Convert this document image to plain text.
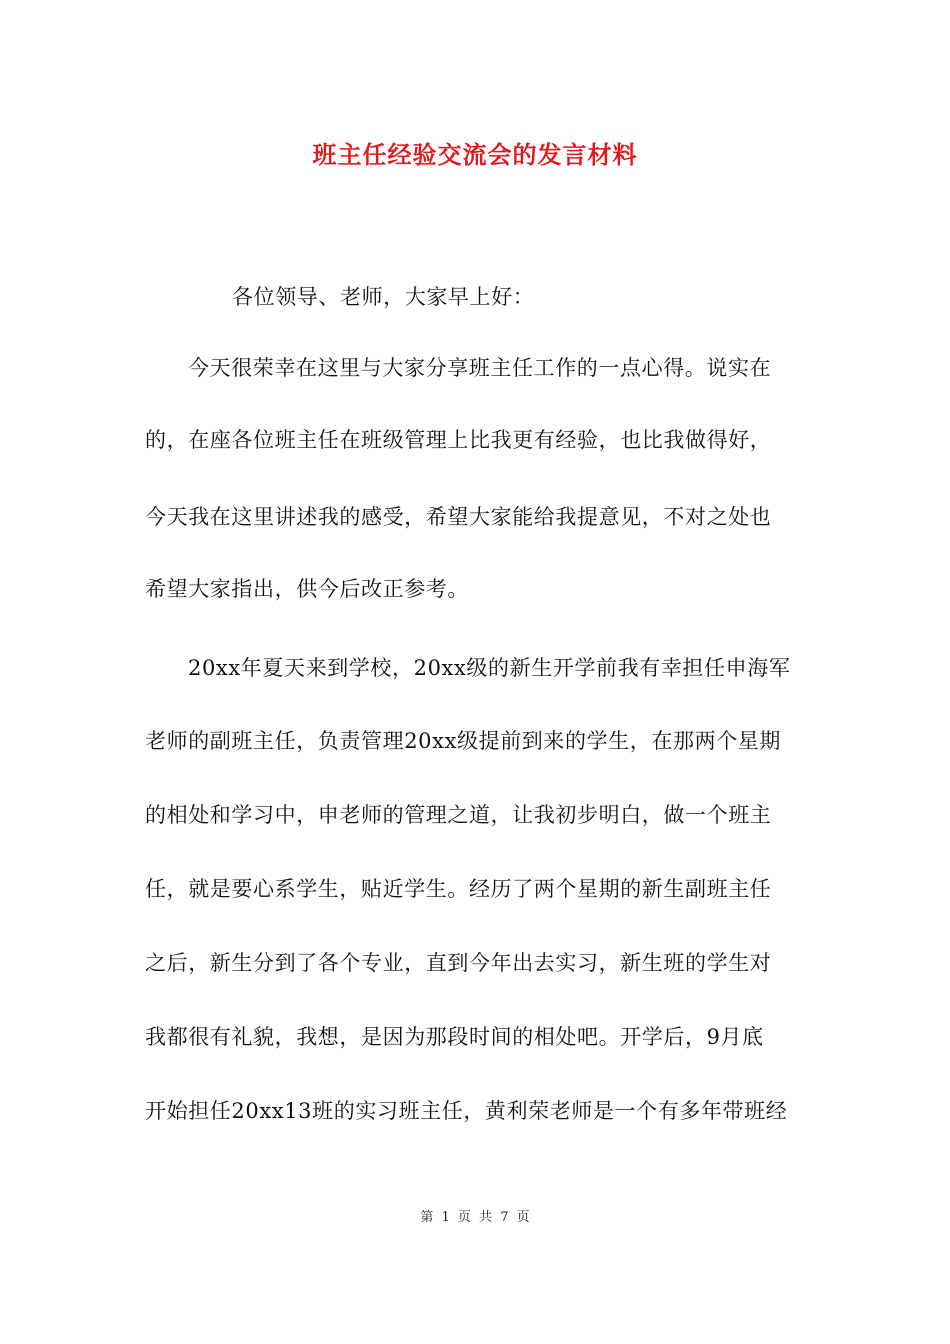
班主任经验交流会的发言材料

各位领导、老师，大家早上好：

今天很荣幸在这里与大家分享班主任工作的一点心得。说实在

的，在座各位班主任在班级管理上比我更有经验，也比我做得好，

今天我在这里讲述我的感受，希望大家能给我提意见，不对之处也

希望大家指出，供今后改正参考。

20xx年夏天来到学校，20xx级的新生开学前我有幸担任申海军

老师的副班主任，负责管理20xx级提前到来的学生，在那两个星期

的相处和学习中，申老师的管理之道，让我初步明白，做一个班主

任，就是要心系学生，贴近学生。经历了两个星期的新生副班主任

之后，新生分到了各个专业，直到今年出去实习，新生班的学生对

我都很有礼貌，我想，是因为那段时间的相处吧。开学后，9月底

开始担任20xx13班的实习班主任，黄利荣老师是一个有多年带班经

第 1 页 共 7 页
